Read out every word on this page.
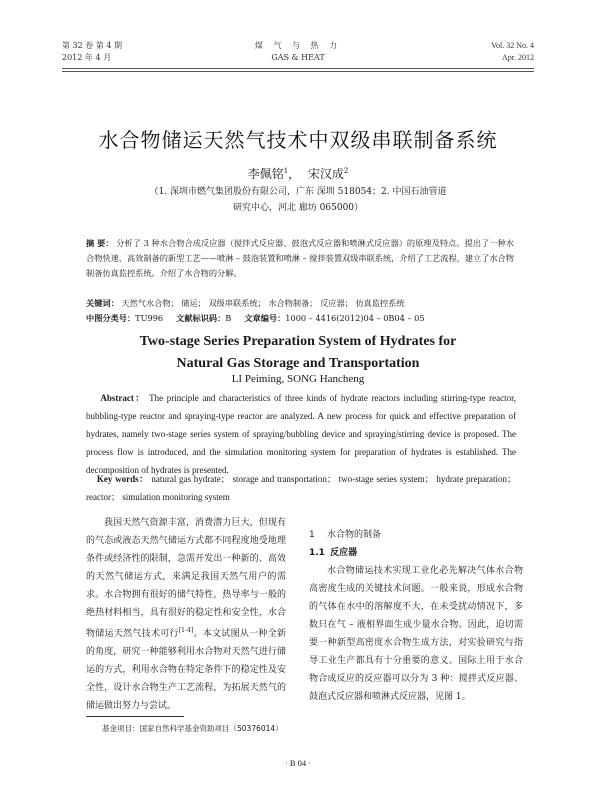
第 32 卷 第 4 期
2012 年 4 月
煤 气 与 热 力
GAS & HEAT
Vol. 32 No. 4
Apr. 2012
水合物储运天然气技术中双级串联制备系统
李佩铭$^1$， 宋汉成$^2$
（1. 深圳市燃气集团股份有限公司，广东 深圳 518054；2. 中国石油管道
研究中心，河北 廊坊 065000）
摘 要： 分析了 3 种水合物合成反应器（搅拌式反应器、鼓泡式反应器和喷淋式反应器）的原理及特点。提出了一种水合物快速、高效制备的新型工艺——喷淋 – 鼓泡装置和喷淋 – 搅拌装置双级串联系统，介绍了工艺流程，建立了水合物制备仿真监控系统。介绍了水合物的分解。
关键词： 天然气水合物； 储运； 双级串联系统； 水合物制备； 反应器； 仿真监控系统
中图分类号：TU996 文献标识码：B 文章编号：1000 – 4416(2012)04 – 0B04 – 05
Two-stage Series Preparation System of Hydrates for
Natural Gas Storage and Transportation
LI Peiming, SONG Hancheng
Abstract： The principle and characteristics of three kinds of hydrate reactors including stirring-type reactor, bubbling-type reactor and spraying-type reactor are analyzed. A new process for quick and effective preparation of hydrates, namely two-stage series system of spraying/bubbling device and spraying/stirring device is proposed. The process flow is introduced, and the simulation monitoring system for preparation of hydrates is established. The decomposition of hydrates is presented.
Key words： natural gas hydrate； storage and transportation； two-stage series system； hydrate preparation； reactor； simulation monitoring system

我国天然气资源丰富，消费潜力巨大，但现有的气态或液态天然气储运方式都不同程度地受地理条件或经济性的限制，急需开发出一种新的、高效的天然气储运方式，来满足我国天然气用户的需求。水合物拥有很好的储气特性，热导率与一般的绝热材料相当，具有很好的稳定性和安全性，水合物储运天然气技术可行[1-4]。本文试图从一种全新的角度，研究一种能够利用水合物对天然气进行储运的方式，利用水合物在特定条件下的稳定性及安全性，设计水合物生产工艺流程，为拓展天然气的储运做出努力与尝试。

1 水合物的制备
1.1 反应器

水合物储运技术实现工业化必先解决气体水合物高密度生成的关键技术问题。一般来说，形成水合物的气体在水中的溶解度不大，在未受扰动情况下，多数只在气 – 液相界面生成少量水合物。因此，迫切需要一种新型高密度水合物生成方法，对实验研究与指导工业生产都具有十分重要的意义。国际上用于水合物合成反应的反应器可以分为 3 种：搅拌式反应器、鼓泡式反应器和喷淋式反应器，见图 1。

基金项目：国家自然科学基金资助项目（50376014）
· B 04 ·
